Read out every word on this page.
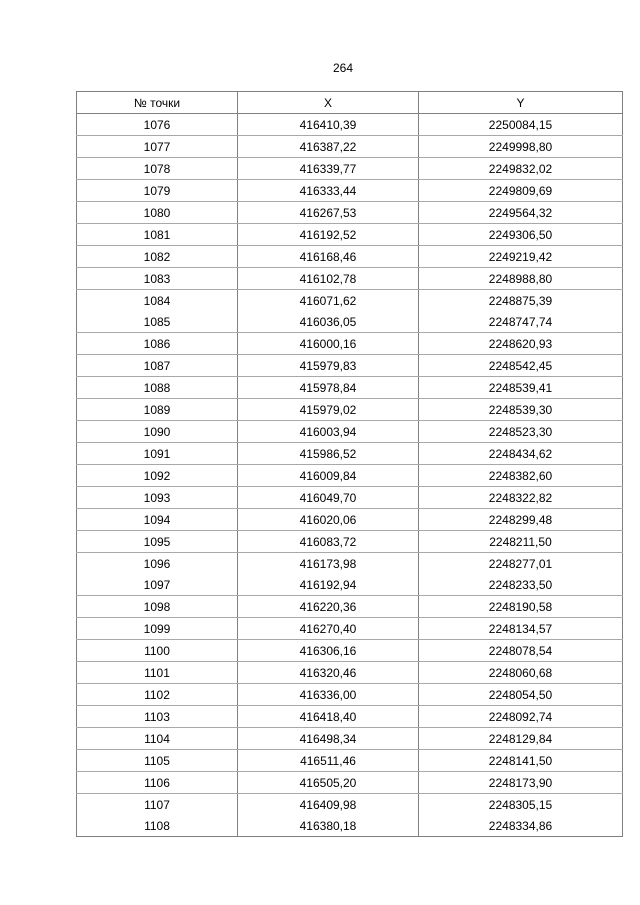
264
№ точки	X	Y
1076	416410,39	2250084,15
1077	416387,22	2249998,80
1078	416339,77	2249832,02
1079	416333,44	2249809,69
1080	416267,53	2249564,32
1081	416192,52	2249306,50
1082	416168,46	2249219,42
1083	416102,78	2248988,80
1084	416071,62	2248875,39
1085	416036,05	2248747,74
1086	416000,16	2248620,93
1087	415979,83	2248542,45
1088	415978,84	2248539,41
1089	415979,02	2248539,30
1090	416003,94	2248523,30
1091	415986,52	2248434,62
1092	416009,84	2248382,60
1093	416049,70	2248322,82
1094	416020,06	2248299,48
1095	416083,72	2248211,50
1096	416173,98	2248277,01
1097	416192,94	2248233,50
1098	416220,36	2248190,58
1099	416270,40	2248134,57
1100	416306,16	2248078,54
1101	416320,46	2248060,68
1102	416336,00	2248054,50
1103	416418,40	2248092,74
1104	416498,34	2248129,84
1105	416511,46	2248141,50
1106	416505,20	2248173,90
1107	416409,98	2248305,15
1108	416380,18	2248334,86
